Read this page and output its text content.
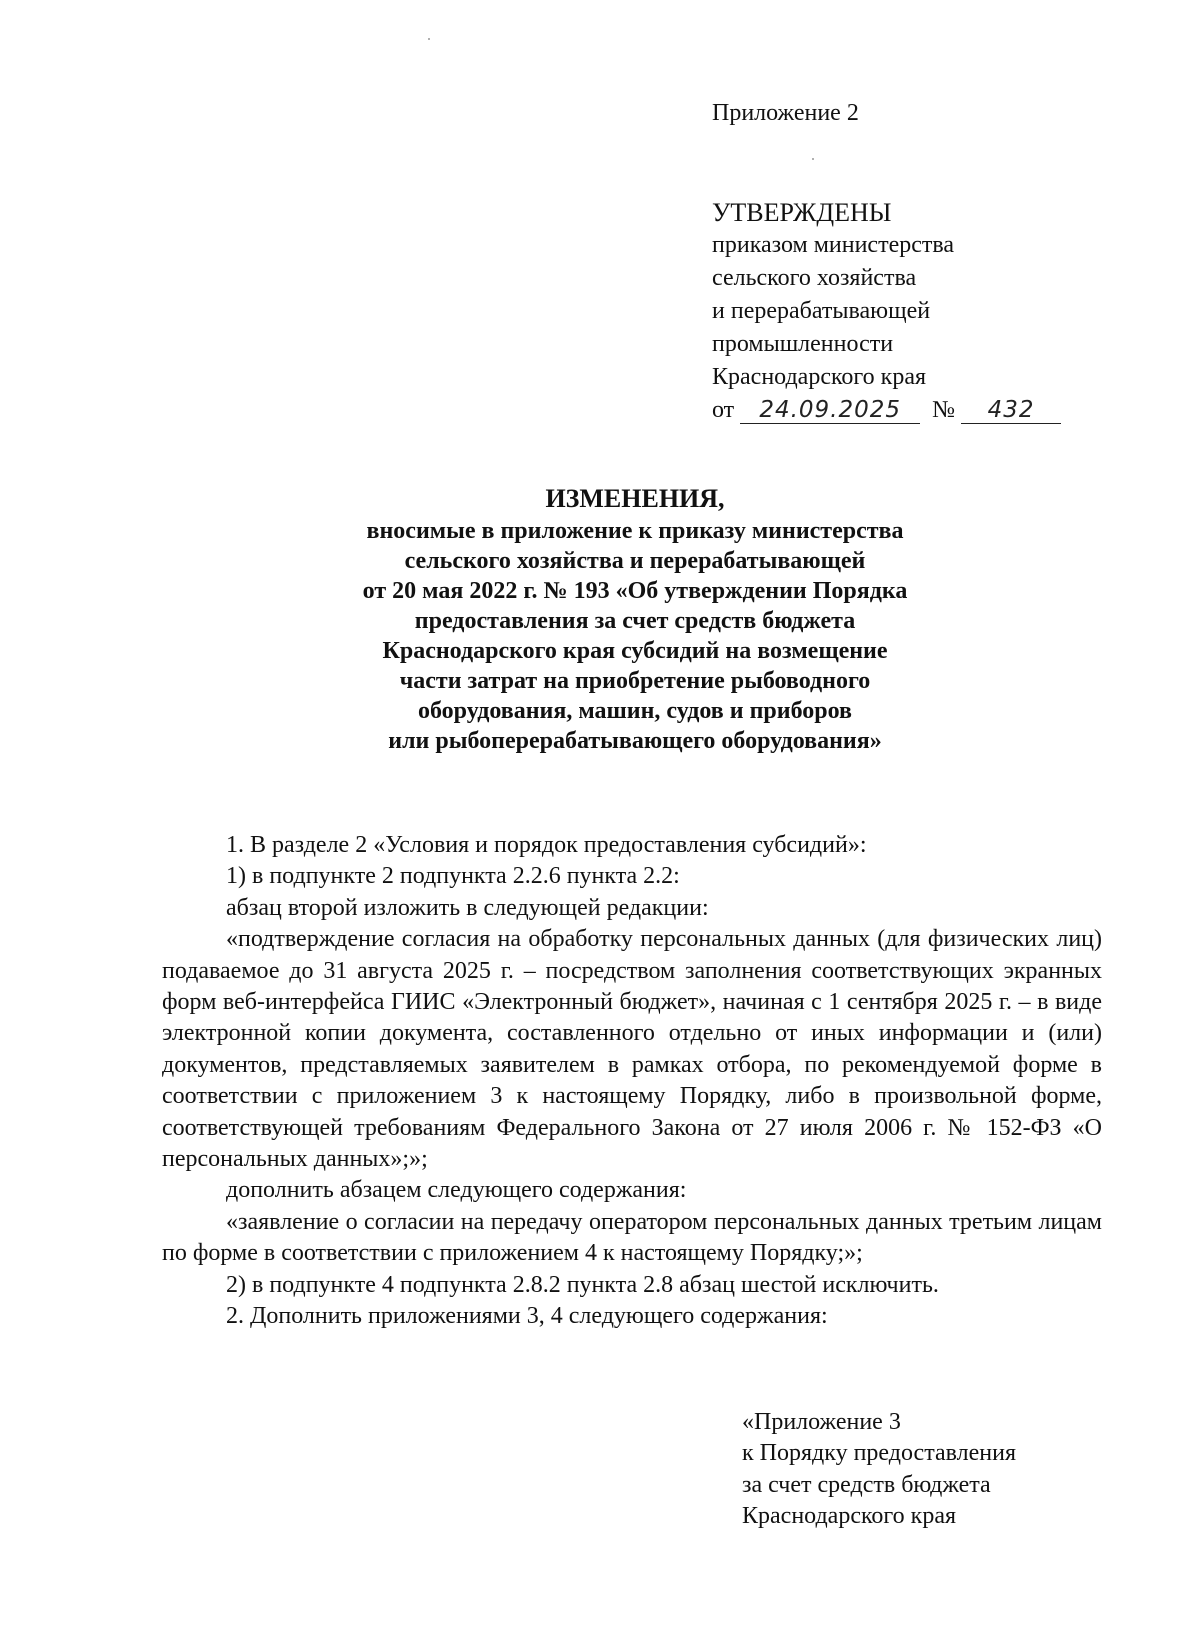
Приложение 2
УТВЕРЖДЕНЫ
приказом министерства
сельского хозяйства
и перерабатывающей
промышленности
Краснодарского края
от 24.09.2025 № 432
ИЗМЕНЕНИЯ,
вносимые в приложение к приказу министерства
сельского хозяйства и перерабатывающей
от 20 мая 2022 г. № 193 «Об утверждении Порядка
предоставления за счет средств бюджета
Краснодарского края субсидий на возмещение
части затрат на приобретение рыбоводного
оборудования, машин, судов и приборов
или рыбоперерабатывающего оборудования»

1. В разделе 2 «Условия и порядок предоставления субсидий»:

1) в подпункте 2 подпункта 2.2.6 пункта 2.2:

абзац второй изложить в следующей редакции:

«подтверждение согласия на обработку персональных данных (для физических лиц) подаваемое до 31 августа 2025 г. – посредством заполнения соответствующих экранных форм веб-интерфейса ГИИС «Электронный бюджет», начиная с 1 сентября 2025 г. – в виде электронной копии документа, составленного отдельно от иных информации и (или) документов, представляемых заявителем в рамках отбора, по рекомендуемой форме в соответствии с приложением 3 к настоящему Порядку, либо в произвольной форме, соответствующей требованиям Федерального Закона от 27 июля 2006 г. № 152-ФЗ «О персональных данных»;»;

дополнить абзацем следующего содержания:

«заявление о согласии на передачу оператором персональных данных третьим лицам по форме в соответствии с приложением 4 к настоящему Порядку;»;

2) в подпункте 4 подпункта 2.8.2 пункта 2.8 абзац шестой исключить.

2. Дополнить приложениями 3, 4 следующего содержания:

«Приложение 3
к Порядку предоставления
за счет средств бюджета
Краснодарского края
